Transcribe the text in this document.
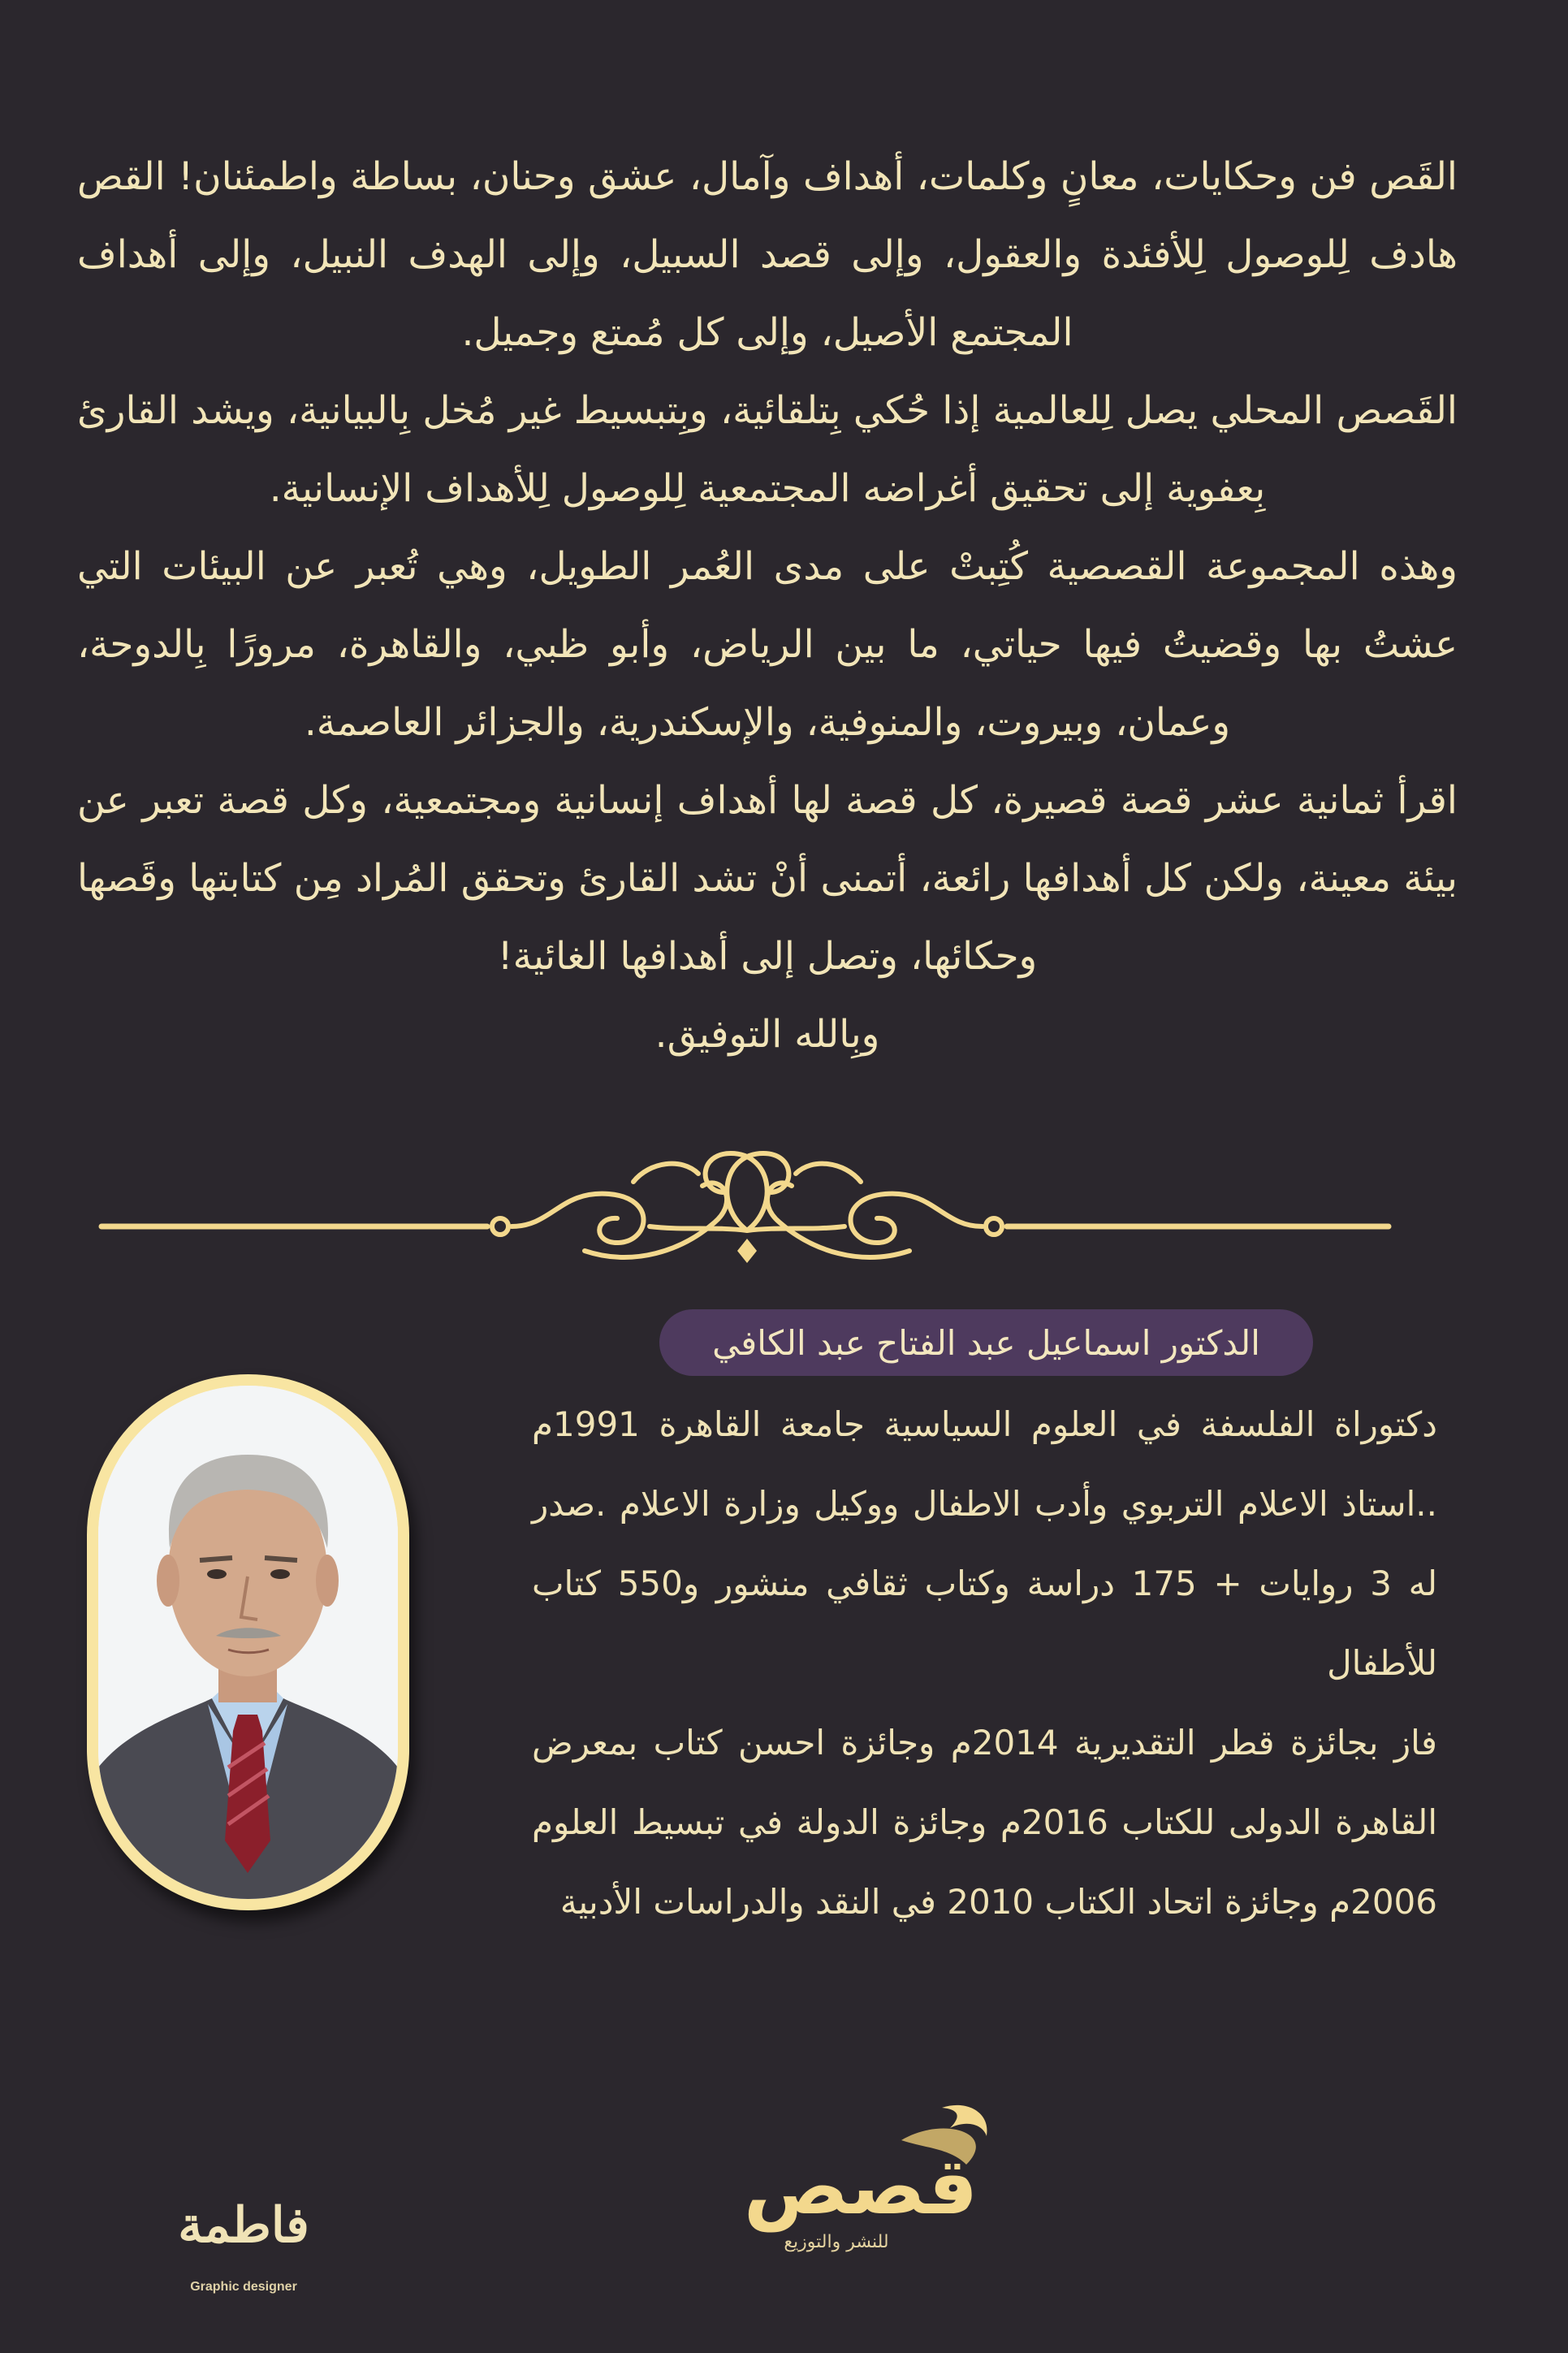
القَص فن وحكايات، معانٍ وكلمات، أهداف وآمال، عشق وحنان، بساطة واطمئنان! القص هادف لِلوصول لِلأفئدة والعقول، وإلى قصد السبيل، وإلى الهدف النبيل، وإلى أهداف المجتمع الأصيل، وإلى كل مُمتع وجميل.

القَصص المحلي يصل لِلعالمية إذا حُكي بِتلقائية، وبِتبسيط غير مُخل بِالبيانية، ويشد القارئ بِعفوية إلى تحقيق أغراضه المجتمعية لِلوصول لِلأهداف الإنسانية.

وهذه المجموعة القصصية كُتِبتْ على مدى العُمر الطويل، وهي تُعبر عن البيئات التي عشتُ بها وقضيتُ فيها حياتي، ما بين الرياض، وأبو ظبي، والقاهرة، مرورًا بِالدوحة، وعمان، وبيروت، والمنوفية، والإسكندرية، والجزائر العاصمة.

اقرأ ثمانية عشر قصة قصيرة، كل قصة لها أهداف إنسانية ومجتمعية، وكل قصة تعبر عن بيئة معينة، ولكن كل أهدافها رائعة، أتمنى أنْ تشد القارئ وتحقق المُراد مِن كتابتها وقَصها وحكائها، وتصل إلى أهدافها الغائية!

وبِالله التوفيق.

الدكتور اسماعيل عبد الفتاح عبد الكافي

دكتوراة الفلسفة في العلوم السياسية جامعة القاهرة 1991م ..استاذ الاعلام التربوي وأدب الاطفال ووكيل وزارة الاعلام .صدر له 3 روايات + 175 دراسة وكتاب ثقافي منشور و550 كتاب للأطفال

فاز بجائزة قطر التقديرية 2014م وجائزة احسن كتاب بمعرض القاهرة الدولى للكتاب 2016م وجائزة الدولة في تبسيط العلوم 2006م وجائزة اتحاد الكتاب 2010 في النقد والدراسات الأدبية

قصص
للنشر والتوزيع
فاطمة
Graphic designer
